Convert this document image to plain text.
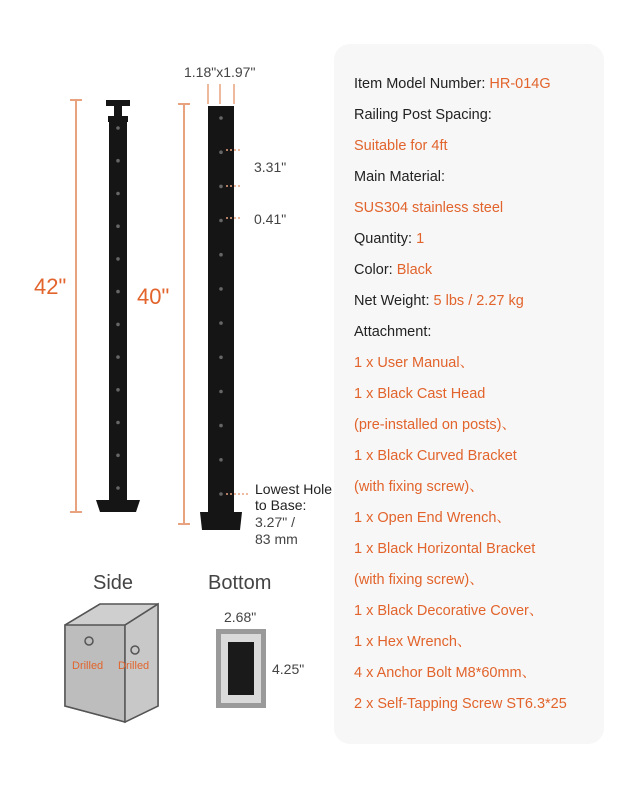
Item Model Number: HR-014G
Railing Post Spacing:
Suitable for 4ft
Main Material:
SUS304 stainless steel
Quantity: 1
Color: Black
Net Weight: 5 lbs / 2.27 kg
Attachment:
1 x User Manual、
1 x Black Cast Head
(pre-installed on posts)、
1 x Black Curved Bracket
(with fixing screw)、
1 x Open End Wrench、
1 x Black Horizontal Bracket
(with fixing screw)、
1 x Black Decorative Cover、
1 x Hex Wrench、
4 x Anchor Bolt M8*60mm、
2 x Self-Tapping Screw ST6.3*25
42"	40"
1.18"x1.97"
3.31"
0.41"
Lowest Hole
to Base:
3.27" /
83 mm
Side	Bottom
Drilled Drilled
2.68"
4.25"
